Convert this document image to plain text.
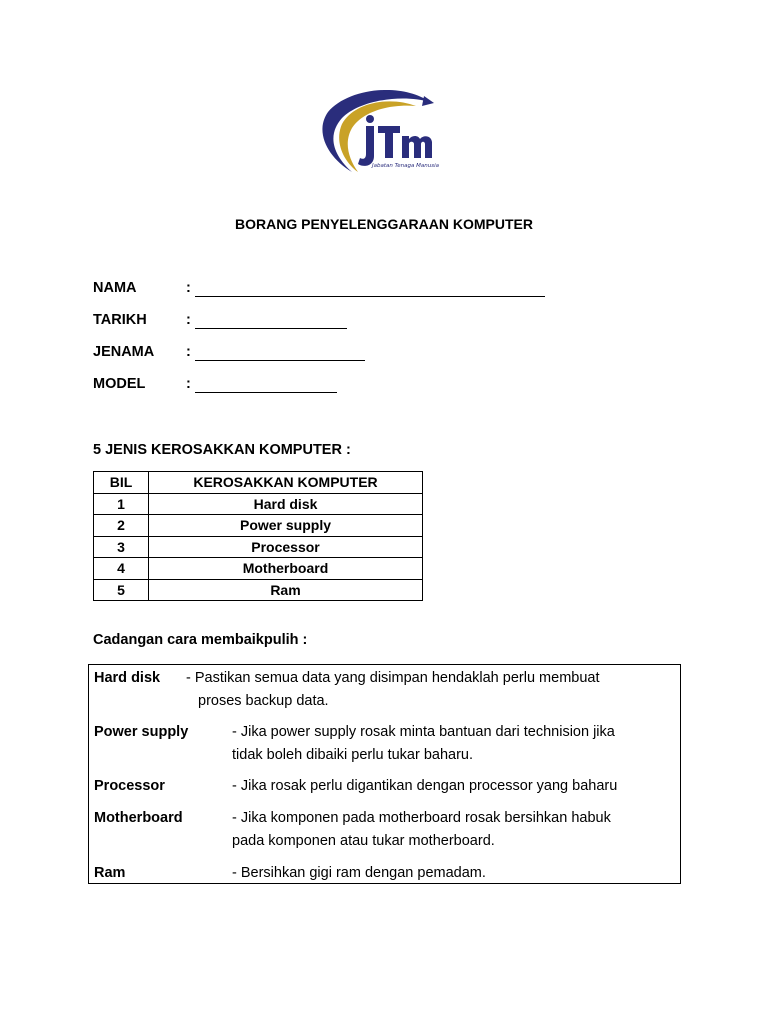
Jabatan Tenaga Manusia
BORANG PENYELENGGARAAN KOMPUTER
NAMA	:
TARIKH	:
JENAMA :
MODEL	:
5 JENIS KEROSAKKAN KOMPUTER :
BIL	KEROSAKKAN KOMPUTER
1	Hard disk
2	Power supply
3	Processor
4	Motherboard
5	Ram
Cadangan cara membaikpulih :
Hard disk - Pastikan semua data yang disimpan hendaklah perlu membuat
proses backup data.
Power supply	- Jika power supply rosak minta bantuan dari technision jika
tidak boleh dibaiki perlu tukar baharu.
Processor	- Jika rosak perlu digantikan dengan processor yang baharu
Motherboard	- Jika komponen pada motherboard rosak bersihkan habuk
pada komponen atau tukar motherboard.
Ram	- Bersihkan gigi ram dengan pemadam.
